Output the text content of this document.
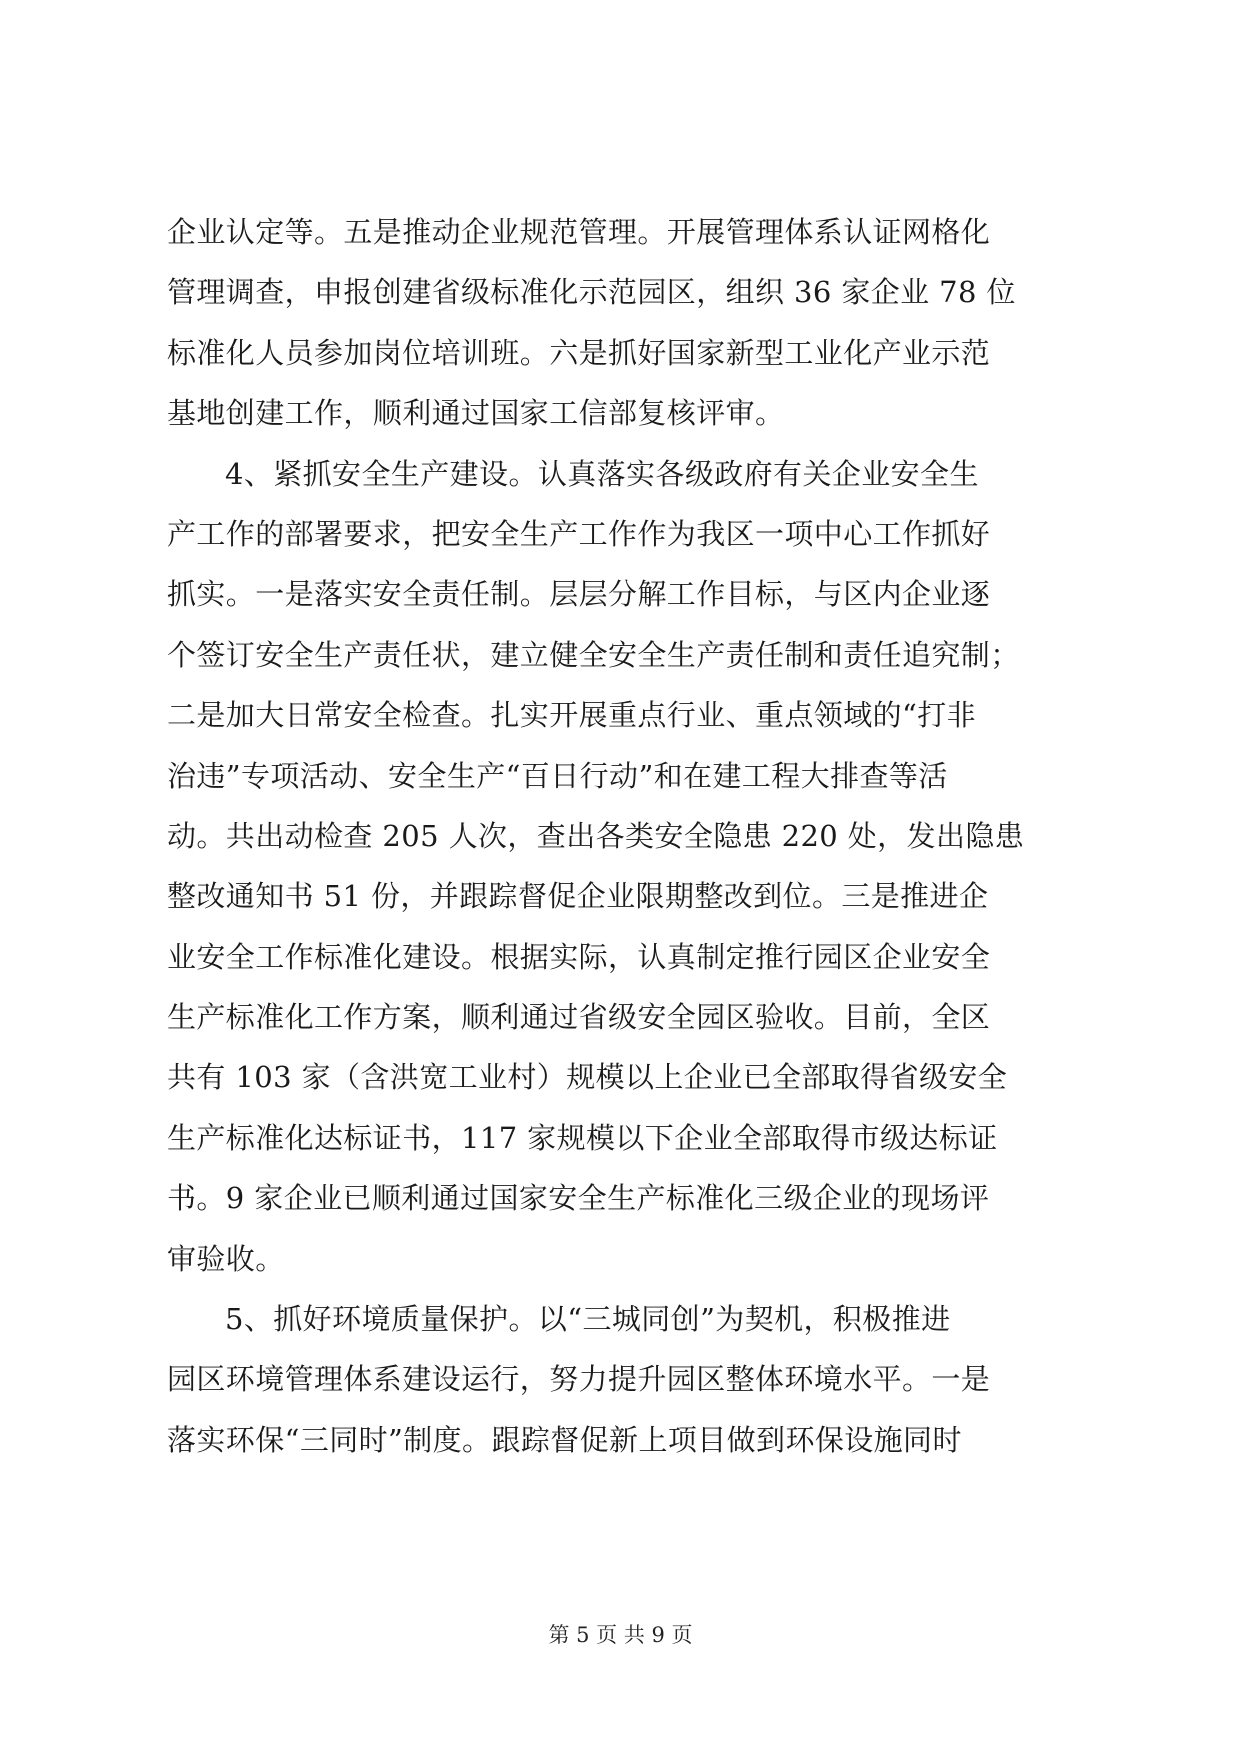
企业认定等。五是推动企业规范管理。开展管理体系认证网格化
管理调查，申报创建省级标准化示范园区，组织 36 家企业 78 位
标准化人员参加岗位培训班。六是抓好国家新型工业化产业示范
基地创建工作，顺利通过国家工信部复核评审。
4、紧抓安全生产建设。认真落实各级政府有关企业安全生
产工作的部署要求，把安全生产工作作为我区一项中心工作抓好
抓实。一是落实安全责任制。层层分解工作目标，与区内企业逐
个签订安全生产责任状，建立健全安全生产责任制和责任追究制；
二是加大日常安全检查。扎实开展重点行业、重点领域的“打非
治违”专项活动、安全生产“百日行动”和在建工程大排查等活
动。共出动检查 205 人次，查出各类安全隐患 220 处，发出隐患
整改通知书 51 份，并跟踪督促企业限期整改到位。三是推进企
业安全工作标准化建设。根据实际，认真制定推行园区企业安全
生产标准化工作方案，顺利通过省级安全园区验收。目前，全区
共有 103 家（含洪宽工业村）规模以上企业已全部取得省级安全
生产标准化达标证书，117 家规模以下企业全部取得市级达标证
书。9 家企业已顺利通过国家安全生产标准化三级企业的现场评
审验收。
5、抓好环境质量保护。以“三城同创”为契机，积极推进
园区环境管理体系建设运行，努力提升园区整体环境水平。一是
落实环保“三同时”制度。跟踪督促新上项目做到环保设施同时
第 5 页 共 9 页
